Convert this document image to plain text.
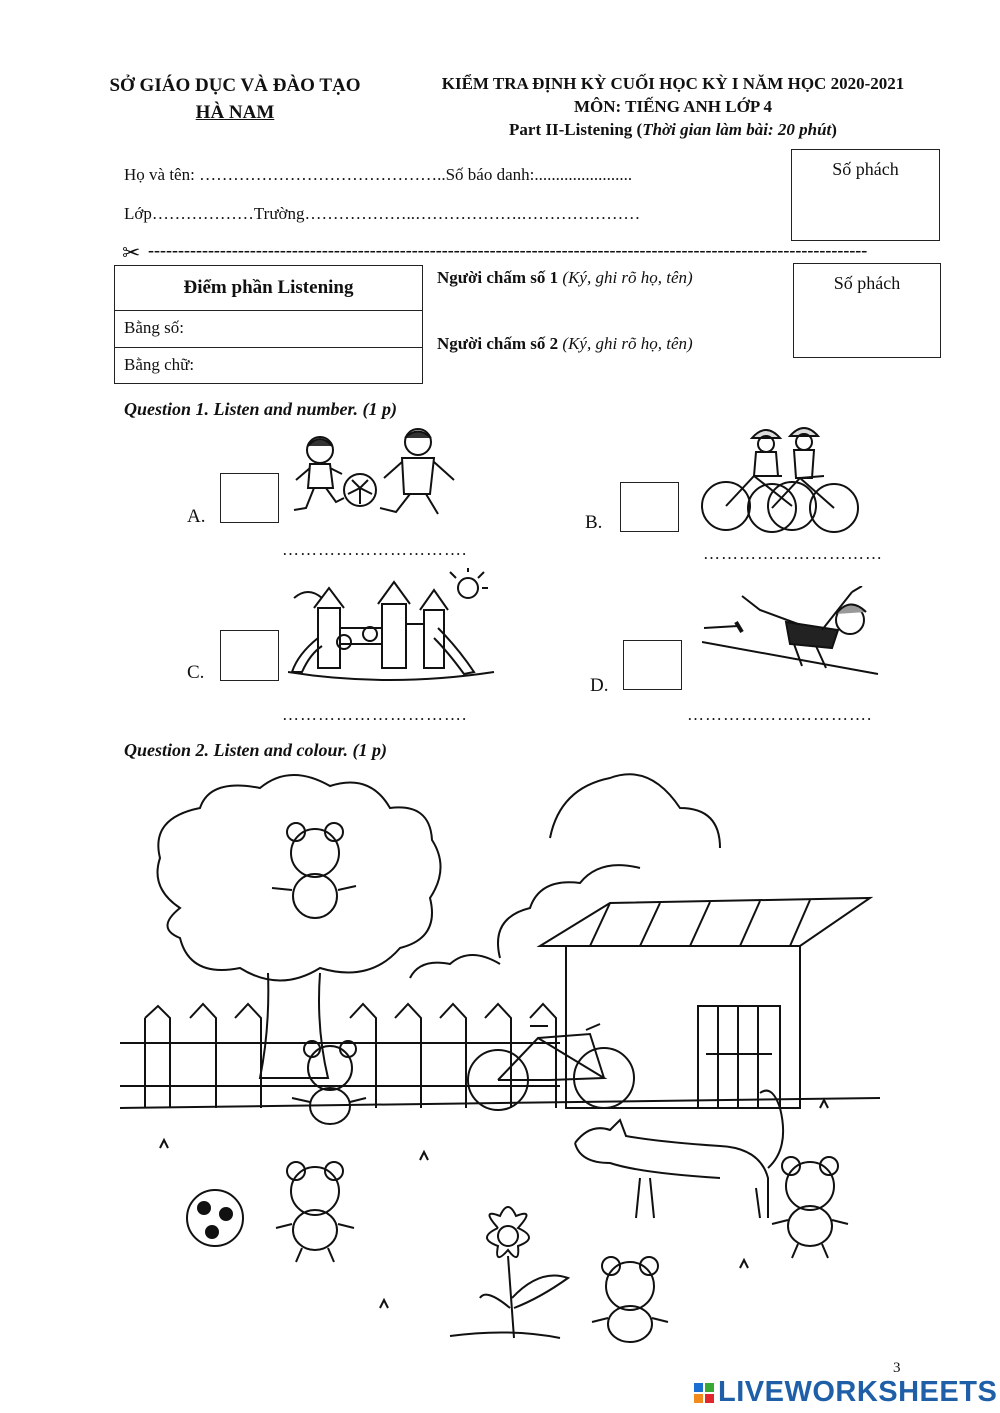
SỞ GIÁO DỤC VÀ ĐÀO TẠO
HÀ NAM
KIỂM TRA ĐỊNH KỲ CUỐI HỌC KỲ I NĂM HỌC 2020-2021
MÔN: TIẾNG ANH LỚP 4
Part II-Listening (Thời gian làm bài: 20 phút)
Họ và tên: ……………………………………..Số báo danh:.......................
Lớp………………Trường………………..……………….…………………
Số phách
✂ ------------------------------------------------------------------------------------------------------------------------
Điểm phần Listening
Bằng số:
Bằng chữ:
Người chấm số 1 (Ký, ghi rõ họ, tên)
Người chấm số 2 (Ký, ghi rõ họ, tên)
Số phách
Question 1. Listen and number. (1 p)
A.
………………………….
B.
…………………………
C.
………………………….
D.
………………………….
Question 2. Listen and colour. (1 p)
3
LIVEWORKSHEETS
